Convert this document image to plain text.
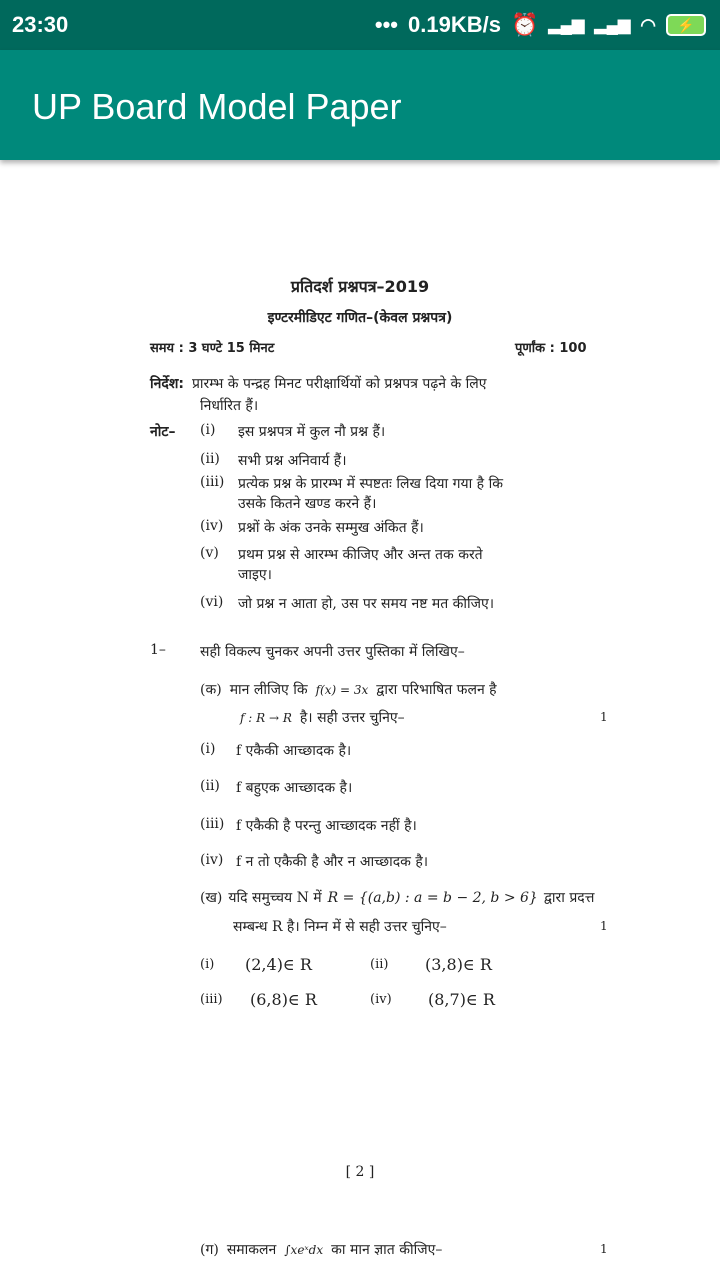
23:30	••• 0.19KB/s ⏰ ▂▄▆ ▂▄▆ ◠	⚡
UP Board Model Paper
प्रतिदर्श प्रश्नपत्र–2019
इण्टरमीडिएट गणित–(केवल प्रश्नपत्र)
समय : 3 घण्टे 15 मिनट	पूर्णांक : 100
निर्देश: प्रारम्भ के पन्द्रह मिनट परीक्षार्थियों को प्रश्नपत्र पढ़ने के लिए
निर्धारित हैं।
नोट– (i) इस प्रश्नपत्र में कुल नौ प्रश्न हैं।
(ii) सभी प्रश्न अनिवार्य हैं।
(iii) प्रत्येक प्रश्न के प्रारम्भ में स्पष्टतः लिख दिया गया है कि
उसके कितने खण्ड करने हैं।
(iv) प्रश्नों के अंक उनके सम्मुख अंकित हैं।
(v) प्रथम प्रश्न से आरम्भ कीजिए और अन्त तक करते
जाइए।
(vi) जो प्रश्न न आता हो, उस पर समय नष्ट मत कीजिए।
1– सही विकल्प चुनकर अपनी उत्तर पुस्तिका में लिखिए–
(क) मान लीजिए कि f(x) = 3x द्वारा परिभाषित फलन है
f : R → R है। सही उत्तर चुनिए–	1
(i) f एकैकी आच्छादक है।
(ii) f बहुएक आच्छादक है।
(iii) f एकैकी है परन्तु आच्छादक नहीं है।
(iv) f न तो एकैकी है और न आच्छादक है।
(ख) यदि समुच्चय N में R = {(a,b) : a = b − 2, b > 6} द्वारा प्रदत्त
सम्बन्ध R है। निम्न में से सही उत्तर चुनिए–	1
(i) (2,4)∈ R	(ii) (3,8)∈ R
(iii) (6,8)∈ R	(iv) (8,7)∈ R
[ 2 ]
(ग) समाकलन ∫xeˣdx का मान ज्ञात कीजिए–	1
